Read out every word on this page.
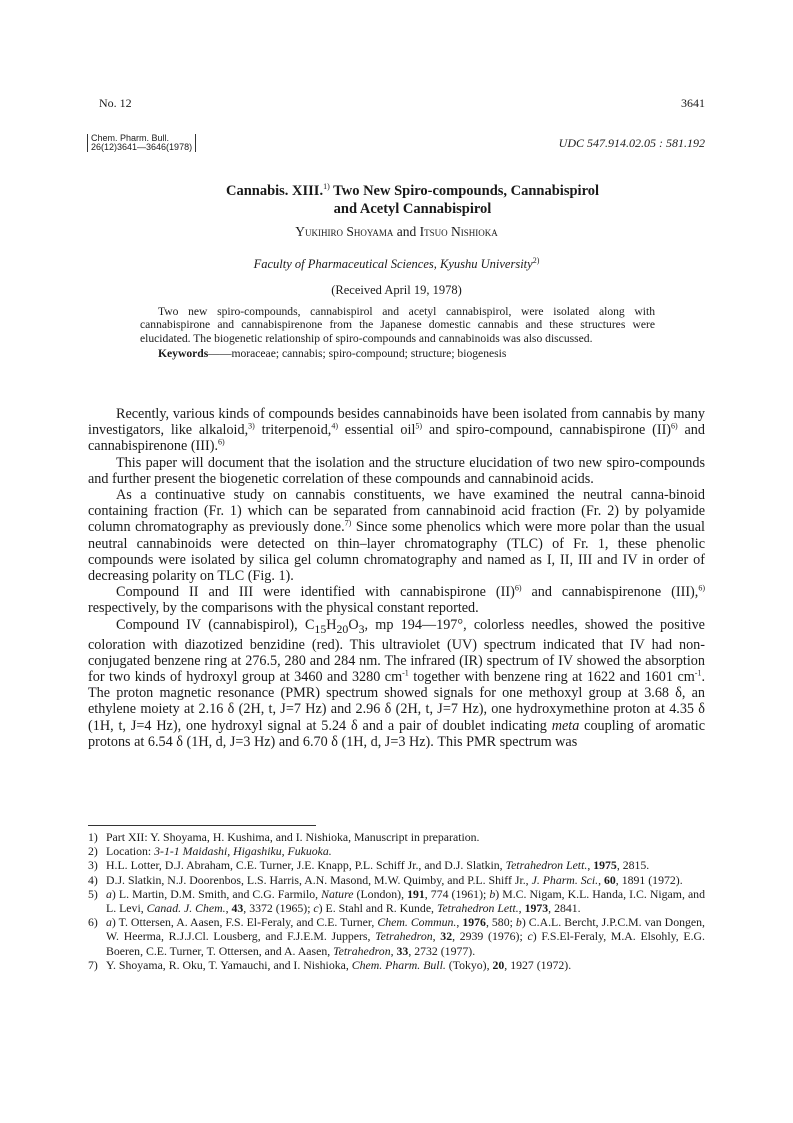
No. 12	3641
Chem. Pharm. Bull.
26(12)3641—3646(1978)	UDC 547.914.02.05 : 581.192
Cannabis. XIII.$^{1)}$ Two New Spiro-compounds, Cannabispirol
and Acetyl Cannabispirol
Yukihiro Shoyama and Itsuo Nishioka
Faculty of Pharmaceutical Sciences, Kyushu University$^{2)}$
(Received April 19, 1978)

Two new spiro-compounds, cannabispirol and acetyl cannabispirol, were isolated along with cannabispirone and cannabispirenone from the Japanese domestic cannabis and these structures were elucidated. The biogenetic relationship of spiro-compounds and cannabinoids was also discussed.

Keywords——moraceae; cannabis; spiro-compound; structure; biogenesis

Recently, various kinds of compounds besides cannabinoids have been isolated from cannabis by many investigators, like alkaloid,$^{3)}$ triterpenoid,$^{4)}$ essential oil$^{5)}$ and spiro-compound, cannabispirone (II)$^{6)}$ and cannabispirenone (III).$^{6)}$

This paper will document that the isolation and the structure elucidation of two new spiro-compounds and further present the biogenetic correlation of these compounds and cannabinoid acids.

As a continuative study on cannabis constituents, we have examined the neutral canna-binoid containing fraction (Fr. 1) which can be separated from cannabinoid acid fraction (Fr. 2) by polyamide column chromatography as previously done.$^{7)}$ Since some phenolics which were more polar than the usual neutral cannabinoids were detected on thin–layer chromatography (TLC) of Fr. 1, these phenolic compounds were isolated by silica gel column chromatography and named as I, II, III and IV in order of decreasing polarity on TLC (Fig. 1).

Compound II and III were identified with cannabispirone (II)$^{6)}$ and cannabispirenone (III),$^{6)}$ respectively, by the comparisons with the physical constant reported.

Compound IV (cannabispirol), $C_{15}H_{20}O_3$, mp 194—197°, colorless needles, showed the positive coloration with diazotized benzidine (red). This ultraviolet (UV) spectrum indicated that IV had non-conjugated benzene ring at 276.5, 280 and 284 nm. The infrared (IR) spectrum of IV showed the absorption for two kinds of hydroxyl group at 3460 and 3280 $cm^{-1}$ together with benzene ring at 1622 and 1601 $cm^{-1}$. The proton magnetic resonance (PMR) spectrum showed signals for one methoxyl group at 3.68 δ, an ethylene moiety at 2.16 δ (2H, t, J=7 Hz) and 2.96 δ (2H, t, J=7 Hz), one hydroxymethine proton at 4.35 δ (1H, t, J=4 Hz), one hydroxyl signal at 5.24 δ and a pair of doublet indicating meta coupling of aromatic protons at 6.54 δ (1H, d, J=3 Hz) and 6.70 δ (1H, d, J=3 Hz). This PMR spectrum was

1) Part XII: Y. Shoyama, H. Kushima, and I. Nishioka, Manuscript in preparation.
2) Location: 3-1-1 Maidashi, Higashiku, Fukuoka.
3) H.L. Lotter, D.J. Abraham, C.E. Turner, J.E. Knapp, P.L. Schiff Jr., and D.J. Slatkin, Tetrahedron Lett., 1975, 2815.
4) D.J. Slatkin, N.J. Doorenbos, L.S. Harris, A.N. Masond, M.W. Quimby, and P.L. Shiff Jr., J. Pharm. Sci., 60, 1891 (1972).
5) a) L. Martin, D.M. Smith, and C.G. Farmilo, Nature (London), 191, 774 (1961); b) M.C. Nigam, K.L. Handa, I.C. Nigam, and L. Levi, Canad. J. Chem., 43, 3372 (1965); c) E. Stahl and R. Kunde, Tetrahedron Lett., 1973, 2841.
6) a) T. Ottersen, A. Aasen, F.S. El-Feraly, and C.E. Turner, Chem. Commun., 1976, 580; b) C.A.L. Bercht, J.P.C.M. van Dongen, W. Heerma, R.J.J.Cl. Lousberg, and F.J.E.M. Juppers, Tetrahedron, 32, 2939 (1976); c) F.S.El-Feraly, M.A. Elsohly, E.G. Boeren, C.E. Turner, T. Ottersen, and A. Aasen, Tetrahedron, 33, 2732 (1977).
7) Y. Shoyama, R. Oku, T. Yamauchi, and I. Nishioka, Chem. Pharm. Bull. (Tokyo), 20, 1927 (1972).
